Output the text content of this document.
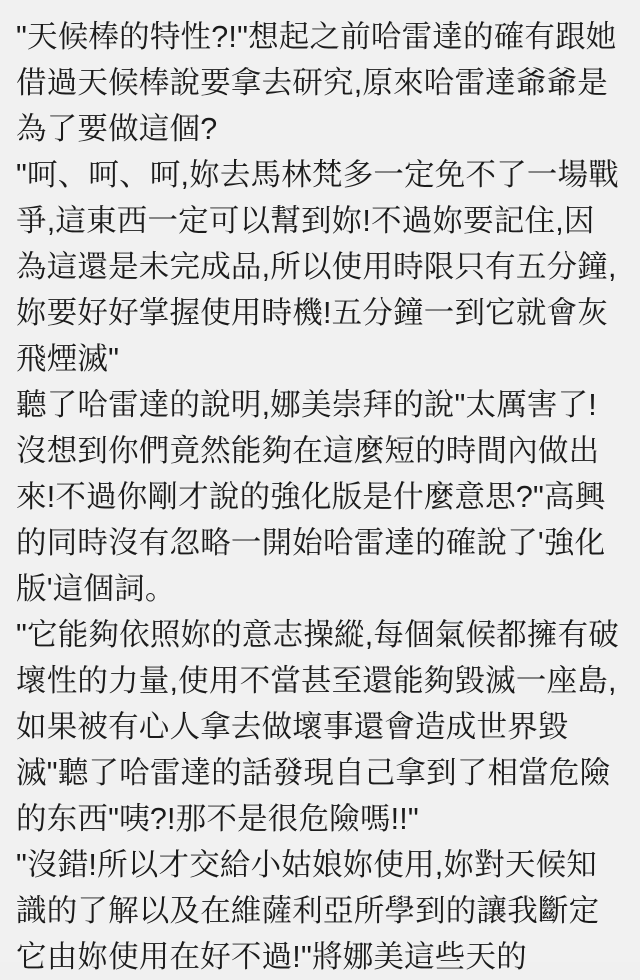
"天候棒的特性?!"想起之前哈雷達的確有跟她借過天候棒說要拿去研究,原來哈雷達爺爺是為了要做這個?

"呵、呵、呵,妳去馬林梵多一定免不了一場戰爭,這東西一定可以幫到妳!不過妳要記住,因為這還是未完成品,所以使用時限只有五分鐘,妳要好好掌握使用時機!五分鐘一到它就會灰飛煙滅"

聽了哈雷達的說明,娜美崇拜的說"太厲害了!沒想到你們竟然能夠在這麼短的時間內做出來!不過你剛才說的強化版是什麼意思?"高興的同時沒有忽略一開始哈雷達的確說了'強化版'這個詞。

"它能夠依照妳的意志操縱,每個氣候都擁有破壞性的力量,使用不當甚至還能夠毀滅一座島,如果被有心人拿去做壞事還會造成世界毀滅"聽了哈雷達的話發現自己拿到了相當危險的东西"咦?!那不是很危險嗎!!"

"沒錯!所以才交給小姑娘妳使用,妳對天候知識的了解以及在維薩利亞所學到的讓我斷定它由妳使用在好不過!"將娜美這些天的
